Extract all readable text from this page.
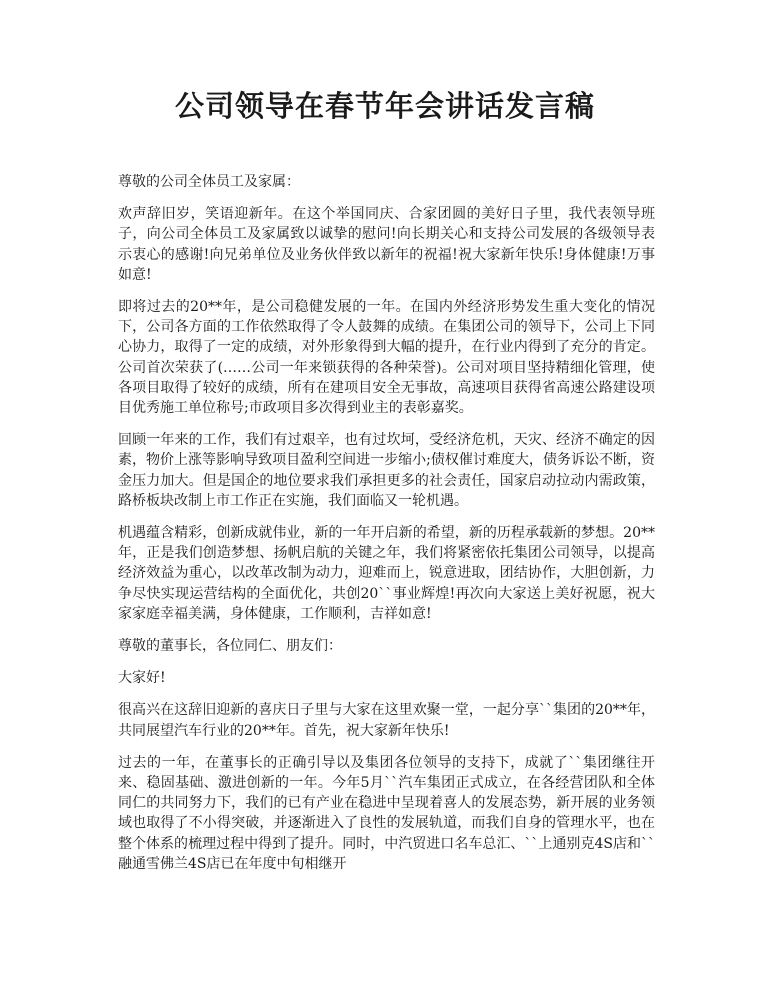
公司领导在春节年会讲话发言稿

尊敬的公司全体员工及家属：

欢声辞旧岁，笑语迎新年。在这个举国同庆、合家团圆的美好日子里，我代表领导班子，向公司全体员工及家属致以诚挚的慰问!向长期关心和支持公司发展的各级领导表示衷心的感谢!向兄弟单位及业务伙伴致以新年的祝福!祝大家新年快乐!身体健康!万事如意!

即将过去的20**年，是公司稳健发展的一年。在国内外经济形势发生重大变化的情况下，公司各方面的工作依然取得了令人鼓舞的成绩。在集团公司的领导下，公司上下同心协力，取得了一定的成绩，对外形象得到大幅的提升，在行业内得到了充分的肯定。公司首次荣获了(……公司一年来锁获得的各种荣誉)。公司对项目坚持精细化管理，使各项目取得了较好的成绩，所有在建项目安全无事故，高速项目获得省高速公路建设项目优秀施工单位称号;市政项目多次得到业主的表彰嘉奖。

回顾一年来的工作，我们有过艰辛，也有过坎坷，受经济危机，天灾、经济不确定的因素，物价上涨等影响导致项目盈利空间进一步缩小;债权催讨难度大，债务诉讼不断，资金压力加大。但是国企的地位要求我们承担更多的社会责任，国家启动拉动内需政策，路桥板块改制上市工作正在实施，我们面临又一轮机遇。

机遇蕴含精彩，创新成就伟业，新的一年开启新的希望，新的历程承载新的梦想。20**年，正是我们创造梦想、扬帆启航的关键之年，我们将紧密依托集团公司领导，以提高经济效益为重心，以改革改制为动力，迎难而上，锐意进取，团结协作，大胆创新，力争尽快实现运营结构的全面优化，共创20``事业辉煌!再次向大家送上美好祝愿，祝大家家庭幸福美满，身体健康，工作顺利，吉祥如意!

尊敬的董事长，各位同仁、朋友们：

大家好!

很高兴在这辞旧迎新的喜庆日子里与大家在这里欢聚一堂，一起分享``集团的20**年，共同展望汽车行业的20**年。首先，祝大家新年快乐!

过去的一年，在董事长的正确引导以及集团各位领导的支持下，成就了``集团继往开来、稳固基础、激进创新的一年。今年5月``汽车集团正式成立，在各经营团队和全体同仁的共同努力下，我们的已有产业在稳进中呈现着喜人的发展态势，新开展的业务领域也取得了不小得突破，并逐渐进入了良性的发展轨道，而我们自身的管理水平，也在整个体系的梳理过程中得到了提升。同时，中汽贸进口名车总汇、``上通别克4S店和``融通雪佛兰4S店已在年度中旬相继开
